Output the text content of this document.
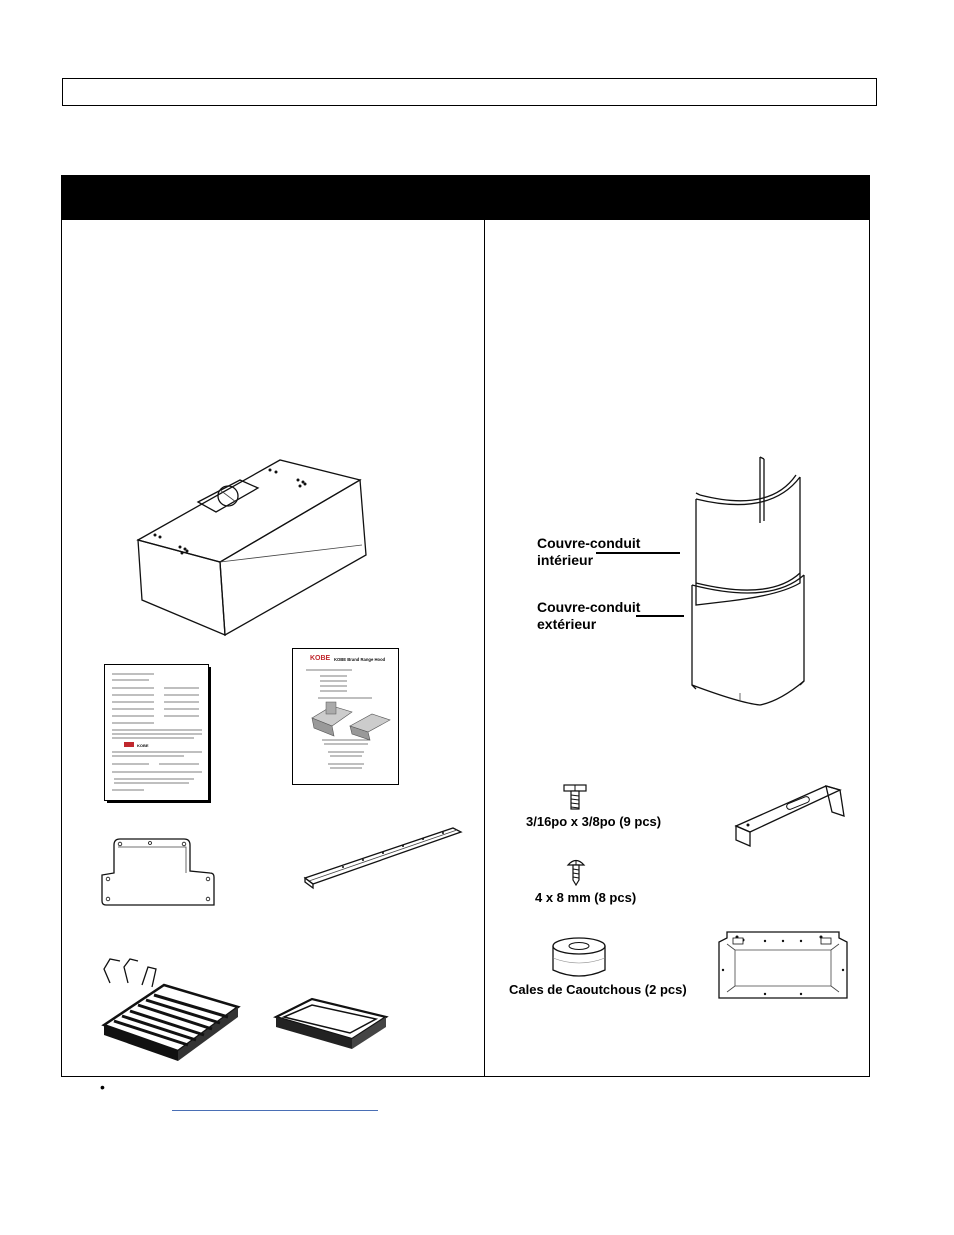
KOBE
KOBE KOBE Brand Range Hood
Couvre-conduit
intérieur
Couvre-conduit
extérieur
3/16po x 3/8po (9 pcs)
4 x 8 mm (8 pcs)
Cales de Caoutchous (2 pcs)
•
